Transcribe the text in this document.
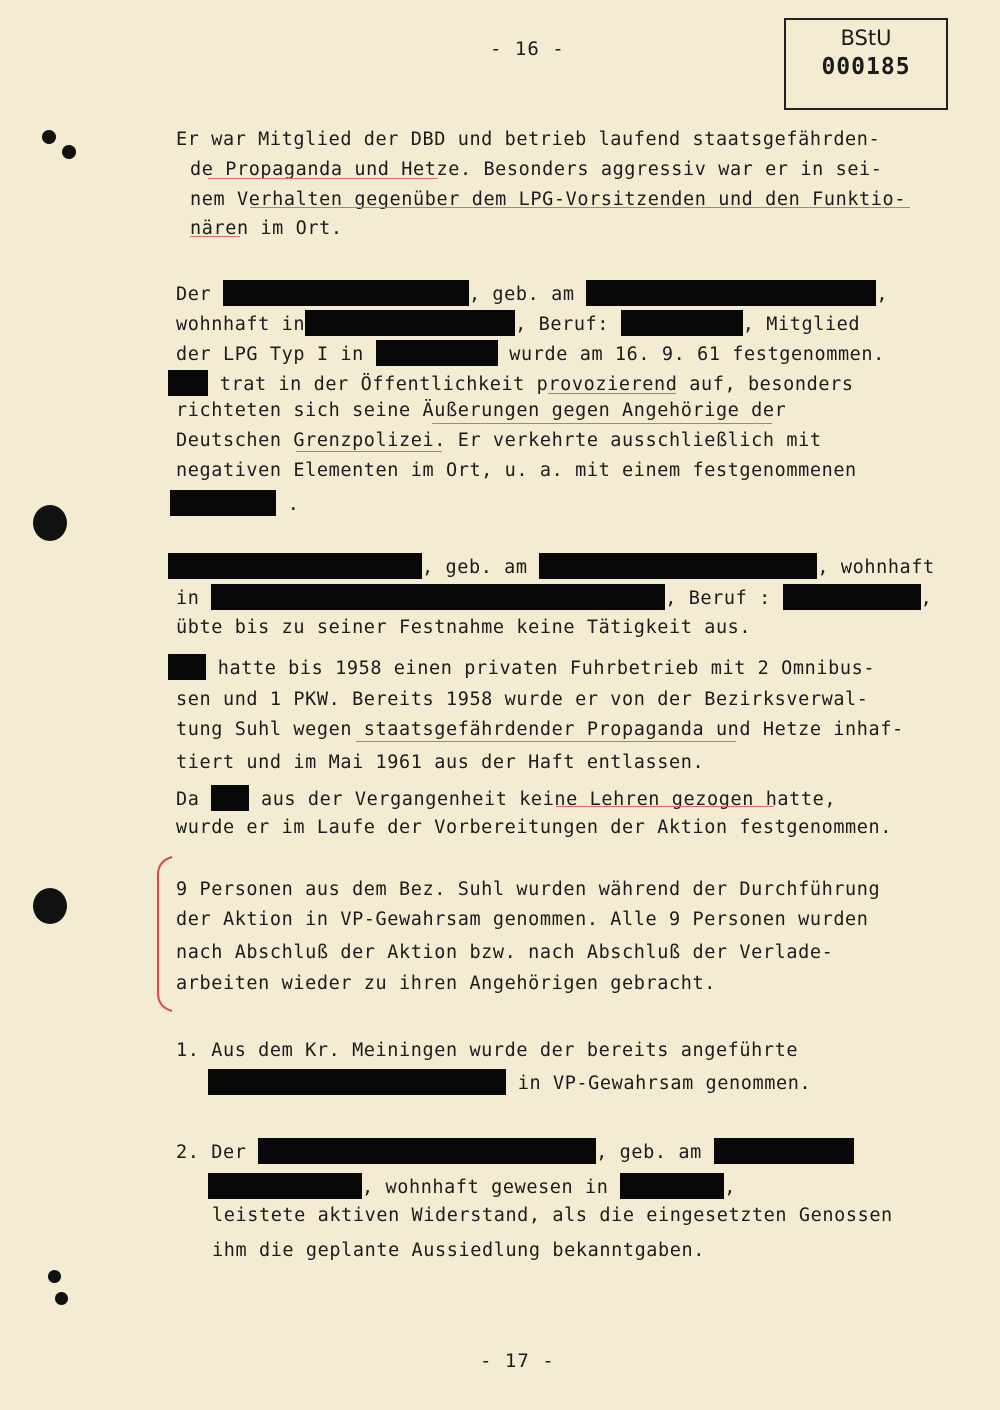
- 16 -	BStU
000185
Er war Mitglied der DBD und betrieb laufend staatsgefährden-
de Propaganda und Hetze. Besonders aggressiv war er in sei-
nem Verhalten gegenüber dem LPG-Vorsitzenden und den Funktio-
nären im Ort.
Der	, geb. am	,
wohnhaft in	, Beruf:	, Mitglied
der LPG Typ I in	wurde am 16. 9. 61 festgenommen.
trat in der Öffentlichkeit provozierend auf, besonders
richteten sich seine Äußerungen gegen Angehörige der
Deutschen Grenzpolizei. Er verkehrte ausschließlich mit
negativen Elementen im Ort, u. a. mit einem festgenommenen
.
, geb. am	, wohnhaft
in	, Beruf :	,
übte bis zu seiner Festnahme keine Tätigkeit aus.
hatte bis 1958 einen privaten Fuhrbetrieb mit 2 Omnibus-
sen und 1 PKW. Bereits 1958 wurde er von der Bezirksverwal-
tung Suhl wegen staatsgefährdender Propaganda und Hetze inhaf-
tiert und im Mai 1961 aus der Haft entlassen.
Da  aus der Vergangenheit keine Lehren gezogen hatte,
wurde er im Laufe der Vorbereitungen der Aktion festgenommen.
9 Personen aus dem Bez. Suhl wurden während der Durchführung
der Aktion in VP-Gewahrsam genommen. Alle 9 Personen wurden
nach Abschluß der Aktion bzw. nach Abschluß der Verlade-
arbeiten wieder zu ihren Angehörigen gebracht.
1. Aus dem Kr. Meiningen wurde der bereits angeführte
in VP-Gewahrsam genommen.
2. Der	, geb. am
, wohnhaft gewesen in	,
leistete aktiven Widerstand, als die eingesetzten Genossen
ihm die geplante Aussiedlung bekanntgaben.
- 17 -
